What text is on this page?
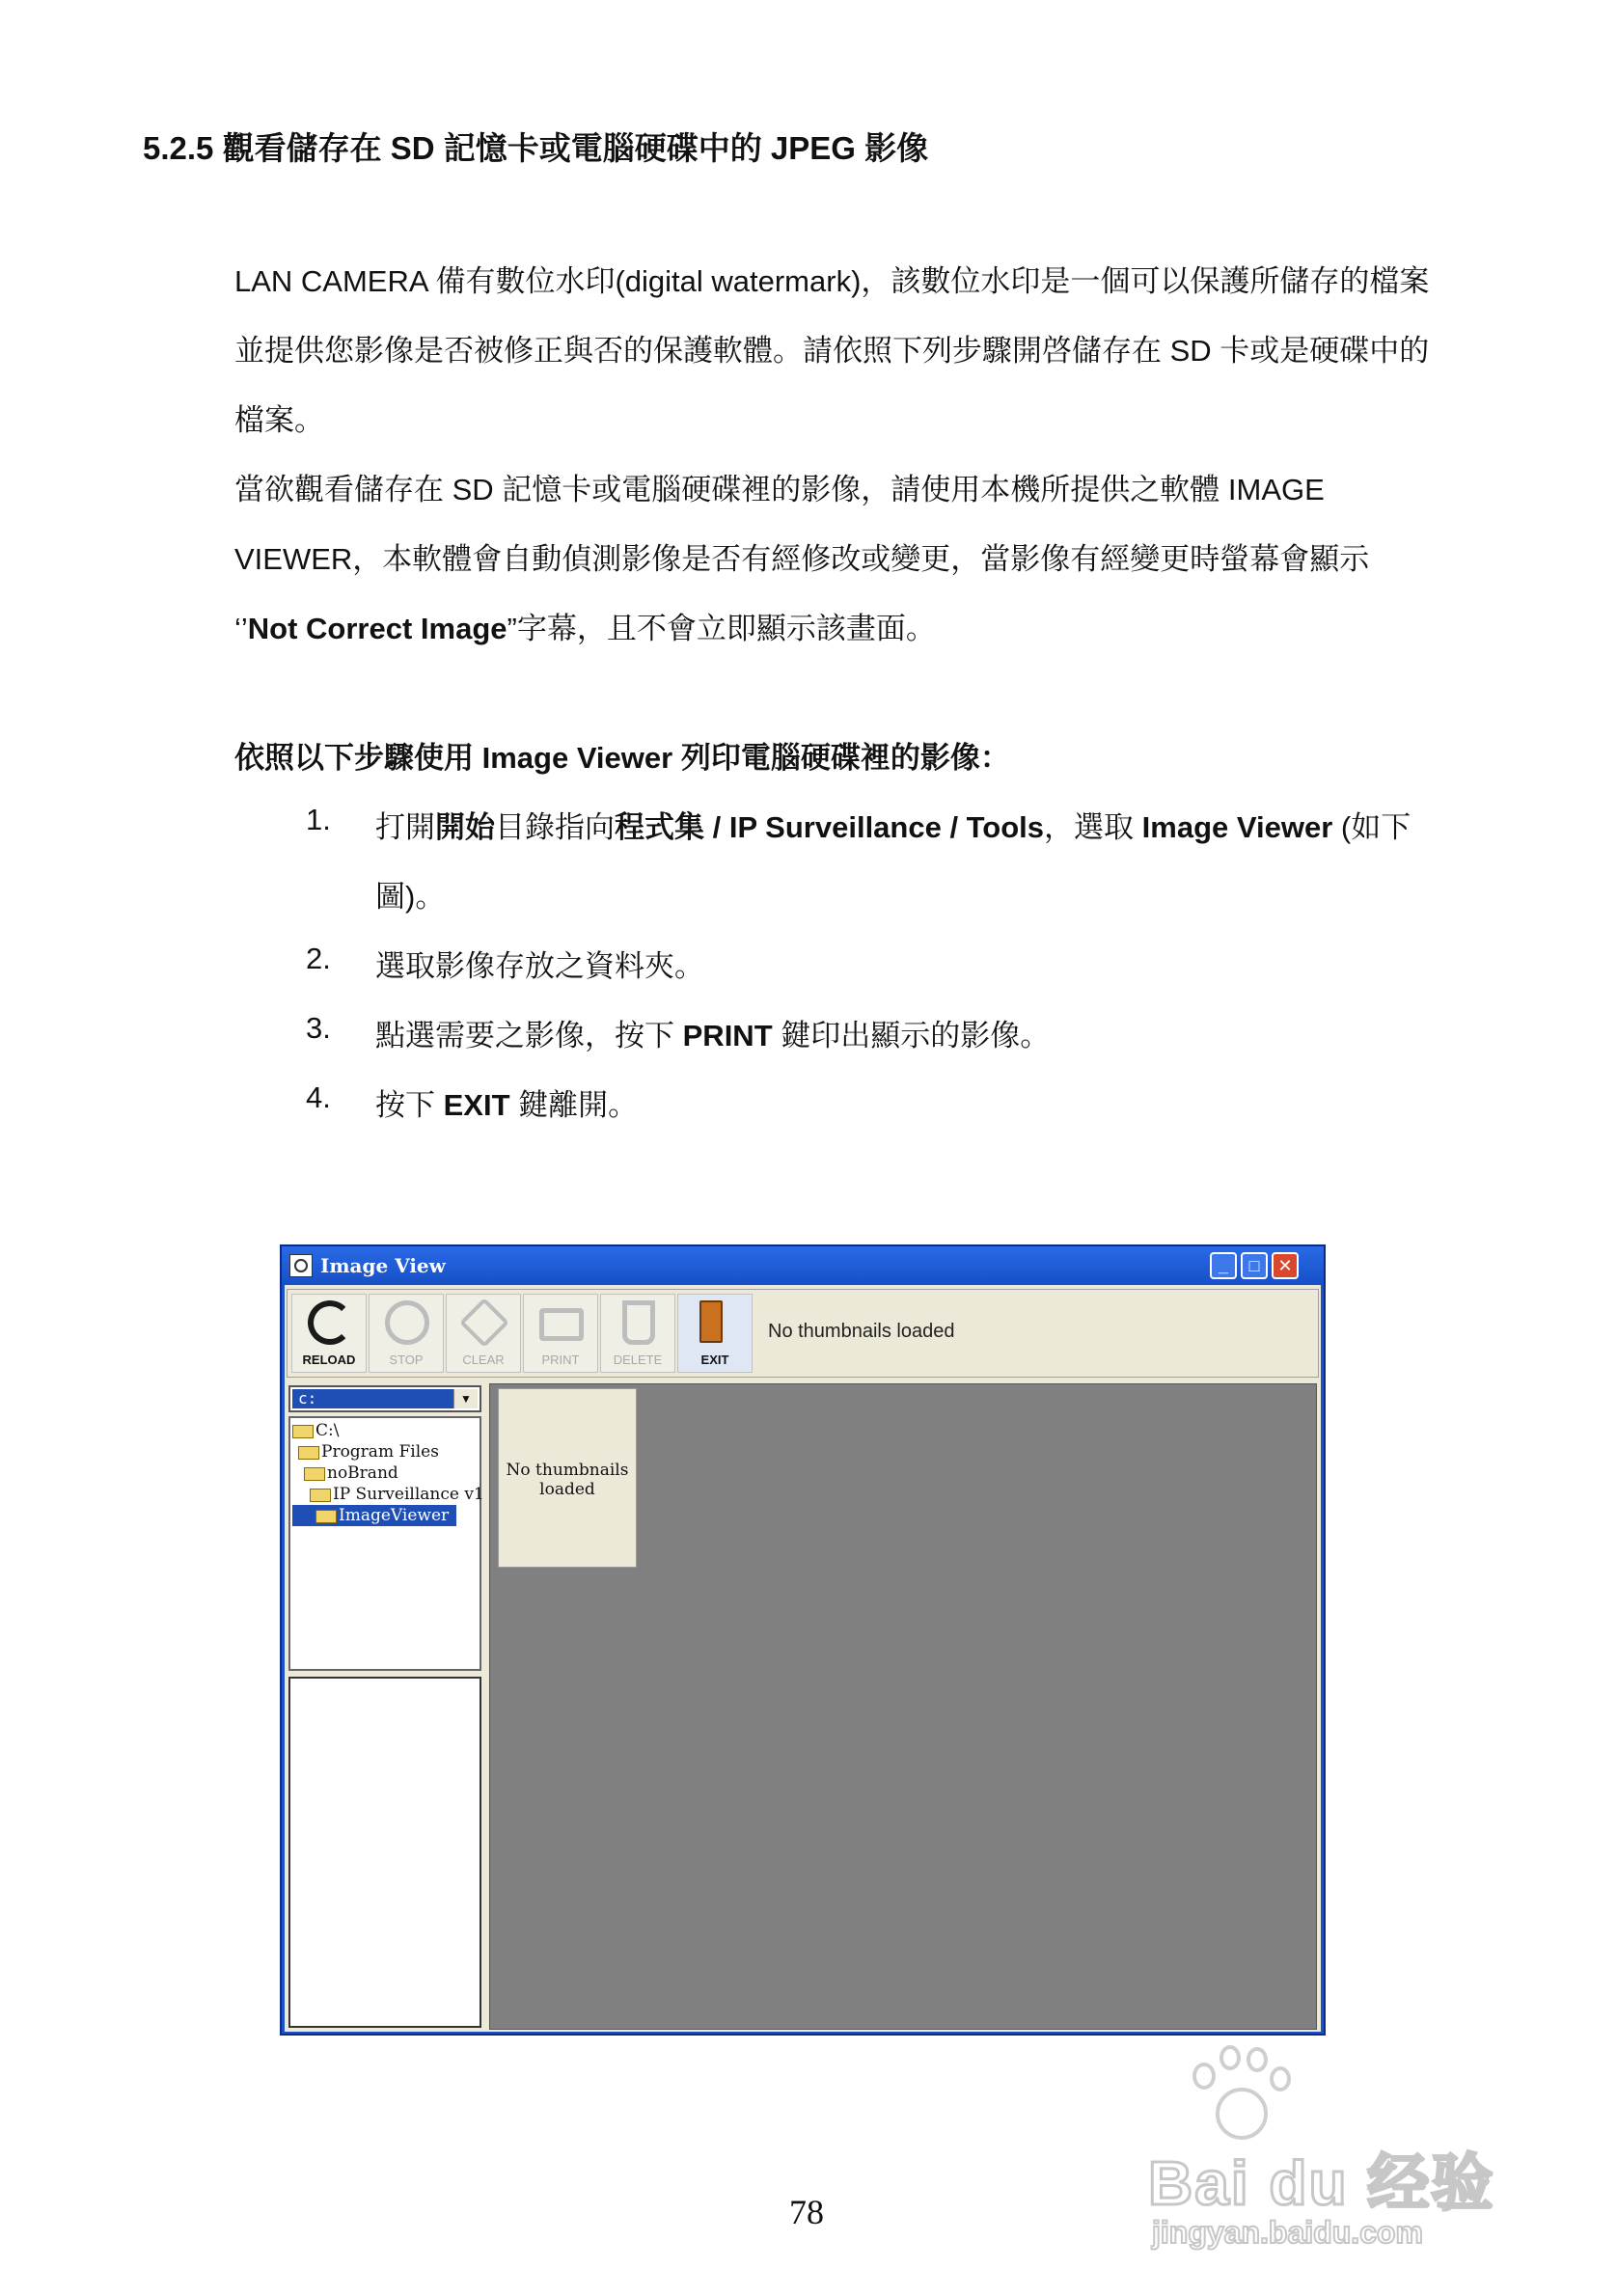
5.2.5 觀看儲存在 SD 記憶卡或電腦硬碟中的 JPEG 影像
LAN CAMERA 備有數位水印(digital watermark)，該數位水印是一個可以保護所儲存的檔案並提供您影像是否被修正與否的保護軟體。請依照下列步驟開啓儲存在 SD 卡或是硬碟中的檔案。
當欲觀看儲存在 SD 記憶卡或電腦硬碟裡的影像，請使用本機所提供之軟體 IMAGE VIEWER，本軟體會自動偵測影像是否有經修改或變更，當影像有經變更時螢幕會顯示 ‘’Not Correct Image”字幕，且不會立即顯示該畫面。
依照以下步驟使用 Image Viewer 列印電腦硬碟裡的影像：
1. 打開開始目錄指向程式集 / IP Surveillance / Tools，選取 Image Viewer (如下
圖)。
2. 選取影像存放之資料夾。
3. 點選需要之影像，按下 PRINT 鍵印出顯示的影像。
4. 按下 EXIT 鍵離開。
Image View	_	□	✕
RELOAD	STOP	CLEAR	PRINT	DELETE	EXIT
No thumbnails loaded
c:	▼
C:\
Program Files
noBrand
IP Surveillance v1
ImageViewer
No thumbnails loaded
78	Bai du 经验
jingyan.baidu.com
